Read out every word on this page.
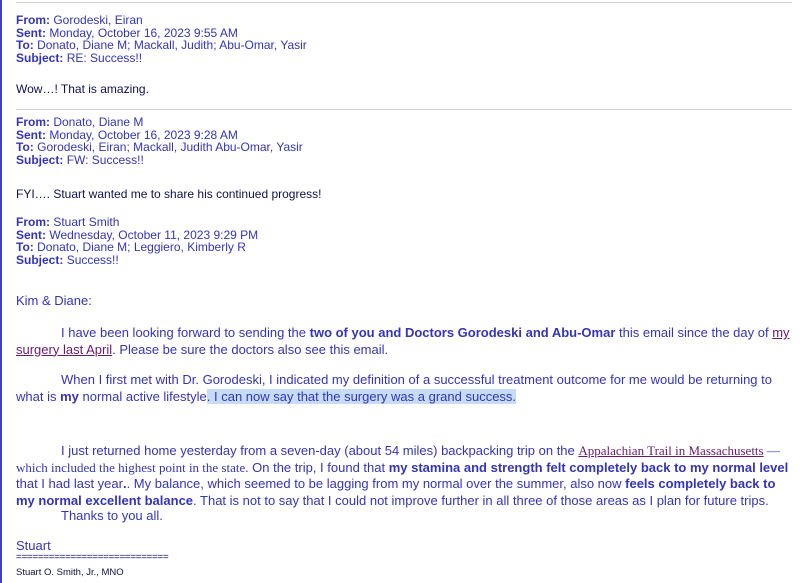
From: Gorodeski, Eiran
Sent: Monday, October 16, 2023 9:55 AM
To: Donato, Diane M; Mackall, Judith; Abu-Omar, Yasir
Subject: RE: Success!!
Wow…! That is amazing.
From: Donato, Diane M
Sent: Monday, October 16, 2023 9:28 AM
To: Gorodeski, Eiran; Mackall, Judith Abu-Omar, Yasir
Subject: FW: Success!!
FYI…. Stuart wanted me to share his continued progress!
From: Stuart Smith
Sent: Wednesday, October 11, 2023 9:29 PM
To: Donato, Diane M; Leggiero, Kimberly R
Subject: Success!!
Kim & Diane:
I have been looking forward to sending the two of you and Doctors Gorodeski and Abu-Omar this email since the day of my surgery last April. Please be sure the doctors also see this email.
When I first met with Dr. Gorodeski, I indicated my definition of a successful treatment outcome for me would be returning to what is my normal active lifestyle. I can now say that the surgery was a grand success.
I just returned home yesterday from a seven-day (about 54 miles) backpacking trip on the Appalachian Trail in Massachusetts — which included the highest point in the state. On the trip, I found that my stamina and strength felt completely back to my normal level that I had last year.. My balance, which seemed to be lagging from my normal over the summer, also now feels completely back to my normal excellent balance. That is not to say that I could not improve further in all three of those areas as I plan for future trips.
Thanks to you all.
Stuart
============================
Stuart O. Smith, Jr., MNO
